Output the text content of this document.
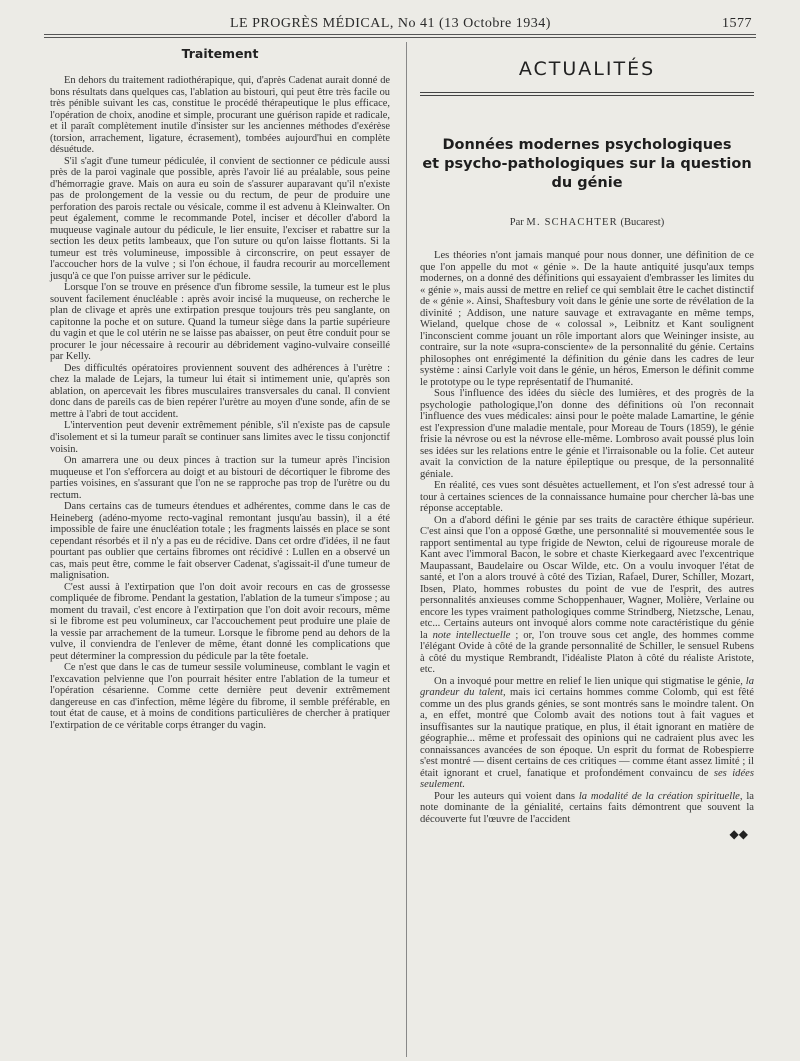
LE PROGRÈS MÉDICAL, No 41 (13 Octobre 1934)	1577
Traitement

En dehors du traitement radiothérapique, qui, d'après Cadenat aurait donné de bons résultats dans quelques cas, l'ablation au bistouri, qui peut être très facile ou très pénible suivant les cas, constitue le procédé thérapeutique le plus efficace, l'opération de choix, anodine et simple, procurant une guérison rapide et radicale, et il paraît complètement inutile d'insister sur les anciennes méthodes d'exérèse (torsion, arrachement, ligature, écrasement), tombées aujourd'hui en complète désuétude.

S'il s'agit d'une tumeur pédiculée, il convient de sectionner ce pédicule aussi près de la paroi vaginale que possible, après l'avoir lié au préalable, sous peine d'hémorragie grave. Mais on aura eu soin de s'assurer auparavant qu'il n'existe pas de prolongement de la vessie ou du rectum, de peur de produire une perforation des parois rectale ou vésicale, comme il est advenu à Kleinwalter. On peut également, comme le recommande Potel, inciser et décoller d'abord la muqueuse vaginale autour du pédicule, le lier ensuite, l'exciser et rabattre sur la section les deux petits lambeaux, que l'on suture ou qu'on laisse flottants. Si la tumeur est très volumineuse, impossible à circonscrire, on peut essayer de l'accoucher hors de la vulve ; si l'on échoue, il faudra recourir au morcellement jusqu'à ce que l'on puisse arriver sur le pédicule.

Lorsque l'on se trouve en présence d'un fibrome sessile, la tumeur est le plus souvent facilement énucléable : après avoir incisé la muqueuse, on recherche le plan de clivage et après une extirpation presque toujours très peu sanglante, on capitonne la poche et on suture. Quand la tumeur siège dans la partie supérieure du vagin et que le col utérin ne se laisse pas abaisser, on peut être conduit pour se procurer le jour nécessaire à recourir au débridement vagino-vulvaire conseillé par Kelly.

Des difficultés opératoires proviennent souvent des adhérences à l'urètre : chez la malade de Lejars, la tumeur lui était si intimement unie, qu'après son ablation, on apercevait les fibres musculaires transversales du canal. Il convient donc dans de pareils cas de bien repérer l'urètre au moyen d'une sonde, afin de se mettre à l'abri de tout accident.

L'intervention peut devenir extrêmement pénible, s'il n'existe pas de capsule d'isolement et si la tumeur paraît se continuer sans limites avec le tissu conjonctif voisin.

On amarrera une ou deux pinces à traction sur la tumeur après l'incision muqueuse et l'on s'efforcera au doigt et au bistouri de décortiquer le fibrome des parties voisines, en s'assurant que l'on ne se rapproche pas trop de l'urètre ou du rectum.

Dans certains cas de tumeurs étendues et adhérentes, comme dans le cas de Heineberg (adéno-myome recto-vaginal remontant jusqu'au bassin), il a été impossible de faire une énucléation totale ; les fragments laissés en place se sont cependant résorbés et il n'y a pas eu de récidive. Dans cet ordre d'idées, il ne faut pourtant pas oublier que certains fibromes ont récidivé : Lullen en a observé un cas, mais peut être, comme le fait observer Cadenat, s'agissait-il d'une tumeur de malignisation.

C'est aussi à l'extirpation que l'on doit avoir recours en cas de grossesse compliquée de fibrome. Pendant la gestation, l'ablation de la tumeur s'impose ; au moment du travail, c'est encore à l'extirpation que l'on doit avoir recours, même si le fibrome est peu volumineux, car l'accouchement peut produire une plaie de la vessie par arrachement de la tumeur. Lorsque le fibrome pend au dehors de la vulve, il conviendra de l'enlever de même, étant donné les complications que peut déterminer la compression du pédicule par la tête foetale.

Ce n'est que dans le cas de tumeur sessile volumineuse, comblant le vagin et l'excavation pelvienne que l'on pourrait hésiter entre l'ablation de la tumeur et l'opération césarienne. Comme cette dernière peut devenir extrêmement dangereuse en cas d'infection, même légère du fibrome, il semble préférable, en tout état de cause, et à moins de conditions particulières de chercher à pratiquer l'extirpation de ce véritable corps étranger du vagin.

ACTUALITÉS
Données modernes psychologiques
et psycho-pathologiques sur la question
du génie
Par M. SCHACHTER (Bucarest)

Les théories n'ont jamais manqué pour nous donner, une définition de ce que l'on appelle du mot « génie ». De la haute antiquité jusqu'aux temps modernes, on a donné des définitions qui essayaient d'embrasser les limites du « génie », mais aussi de mettre en relief ce qui semblait être le cachet distinctif de « génie ». Ainsi, Shaftesbury voit dans le génie une sorte de révélation de la divinité ; Addison, une nature sauvage et extravagante en même temps, Wieland, quelque chose de « colossal », Leibnitz et Kant soulignent l'inconscient comme jouant un rôle important alors que Weininger insiste, au contraire, sur la note «supra-consciente» de la personnalité du génie. Certains philosophes ont enrégimenté la définition du génie dans les cadres de leur système : ainsi Carlyle voit dans le génie, un héros, Emerson le définit comme le prototype ou le type représentatif de l'humanité.

Sous l'influence des idées du siècle des lumières, et des progrès de la psychologie pathologique,l'on donne des définitions où l'on reconnait l'influence des vues médicales: ainsi pour le poète malade Lamartine, le génie est l'expression d'une maladie mentale, pour Moreau de Tours (1859), le génie frisie la névrose ou est la névrose elle-même. Lombroso avait poussé plus loin ses idées sur les relations entre le génie et l'irraisonable ou la folie. Cet auteur avait la conviction de la nature épileptique ou presque, de la personnalité géniale.

En réalité, ces vues sont désuètes actuellement, et l'on s'est adressé tour à tour à certaines sciences de la connaissance humaine pour chercher là-bas une réponse acceptable.

On a d'abord défini le génie par ses traits de caractère éthique supérieur. C'est ainsi que l'on a opposé Gœthe, une personnalité si mouvementée sous le rapport sentimental au type frigide de Newton, celui de rigoureuse morale de Kant avec l'immoral Bacon, le sobre et chaste Kierkegaard avec l'excentrique Maupassant, Baudelaire ou Oscar Wilde, etc. On a voulu invoquer l'état de santé, et l'on a alors trouvé à côté des Tizian, Rafael, Durer, Schiller, Mozart, Ibsen, Plato, hommes robustes du point de vue de l'esprit, des autres personnalités anxieuses comme Schoppenhauer, Wagner, Molière, Verlaine ou encore les types vraiment pathologiques comme Strindberg, Nietzsche, Lenau, etc... Certains auteurs ont invoqué alors comme note caractéristique du génie la note intellectuelle ; or, l'on trouve sous cet angle, des hommes comme l'élégant Ovide à côté de la grande personnalité de Schiller, le sensuel Rubens à côté du mystique Rembrandt, l'idéaliste Platon à côté du réaliste Aristote, etc.

On a invoqué pour mettre en relief le lien unique qui stigmatise le génie, la grandeur du talent, mais ici certains hommes comme Colomb, qui est fêté comme un des plus grands génies, se sont montrés sans le moindre talent. On a, en effet, montré que Colomb avait des notions tout à fait vagues et insuffisantes sur la nautique pratique, en plus, il était ignorant en matière de géographie... même et professait des opinions qui ne cadraient plus avec les connaissances avancées de son époque. Un esprit du format de Robespierre s'est montré — disent certains de ces critiques — comme étant assez limité ; il était ignorant et cruel, fanatique et profondément convaincu de ses idées seulement.

Pour les auteurs qui voient dans la modalité de la création spirituelle, la note dominante de la génialité, certains faits démontrent que souvent la découverte fut l'œuvre de l'accident

◆◆
